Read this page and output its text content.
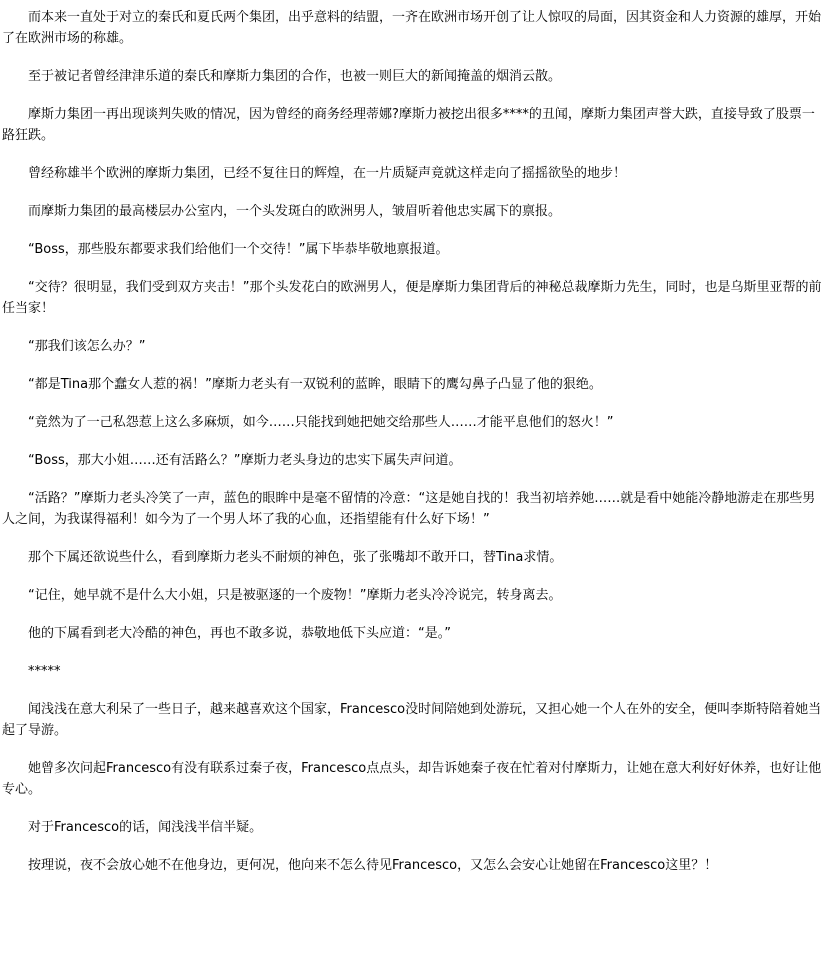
而本来一直处于对立的秦氏和夏氏两个集团，出乎意料的结盟，一齐在欧洲市场开创了让人惊叹的局面，因其资金和人力资源的雄厚，开始了在欧洲市场的称雄。

至于被记者曾经津津乐道的秦氏和摩斯力集团的合作，也被一则巨大的新闻掩盖的烟消云散。

摩斯力集团一再出现谈判失败的情况，因为曾经的商务经理蒂娜?摩斯力被挖出很多****的丑闻，摩斯力集团声誉大跌，直接导致了股票一路狂跌。

曾经称雄半个欧洲的摩斯力集团，已经不复往日的辉煌，在一片质疑声竟就这样走向了摇摇欲坠的地步！

而摩斯力集团的最高楼层办公室内，一个头发斑白的欧洲男人，皱眉听着他忠实属下的禀报。

“Boss，那些股东都要求我们给他们一个交待！”属下毕恭毕敬地禀报道。

“交待？很明显，我们受到双方夹击！”那个头发花白的欧洲男人，便是摩斯力集团背后的神秘总裁摩斯力先生，同时，也是乌斯里亚帮的前任当家！

“那我们该怎么办？”

“都是Tina那个蠢女人惹的祸！”摩斯力老头有一双锐利的蓝眸，眼睛下的鹰勾鼻子凸显了他的狠绝。

“竟然为了一己私怨惹上这么多麻烦，如今……只能找到她把她交给那些人……才能平息他们的怒火！”

“Boss，那大小姐……还有活路么？”摩斯力老头身边的忠实下属失声问道。

“活路？”摩斯力老头冷笑了一声，蓝色的眼眸中是毫不留情的冷意：“这是她自找的！我当初培养她……就是看中她能冷静地游走在那些男人之间，为我谋得福利！如今为了一个男人坏了我的心血，还指望能有什么好下场！”

那个下属还欲说些什么，看到摩斯力老头不耐烦的神色，张了张嘴却不敢开口，替Tina求情。

“记住，她早就不是什么大小姐，只是被驱逐的一个废物！”摩斯力老头冷冷说完，转身离去。

他的下属看到老大冷酷的神色，再也不敢多说，恭敬地低下头应道：“是。”

*****

闻浅浅在意大利呆了一些日子，越来越喜欢这个国家，Francesco没时间陪她到处游玩，又担心她一个人在外的安全，便叫李斯特陪着她当起了导游。

她曾多次问起Francesco有没有联系过秦子夜，Francesco点点头，却告诉她秦子夜在忙着对付摩斯力，让她在意大利好好休养，也好让他专心。

对于Francesco的话，闻浅浅半信半疑。

按理说，夜不会放心她不在他身边，更何况，他向来不怎么待见Francesco，又怎么会安心让她留在Francesco这里？！
